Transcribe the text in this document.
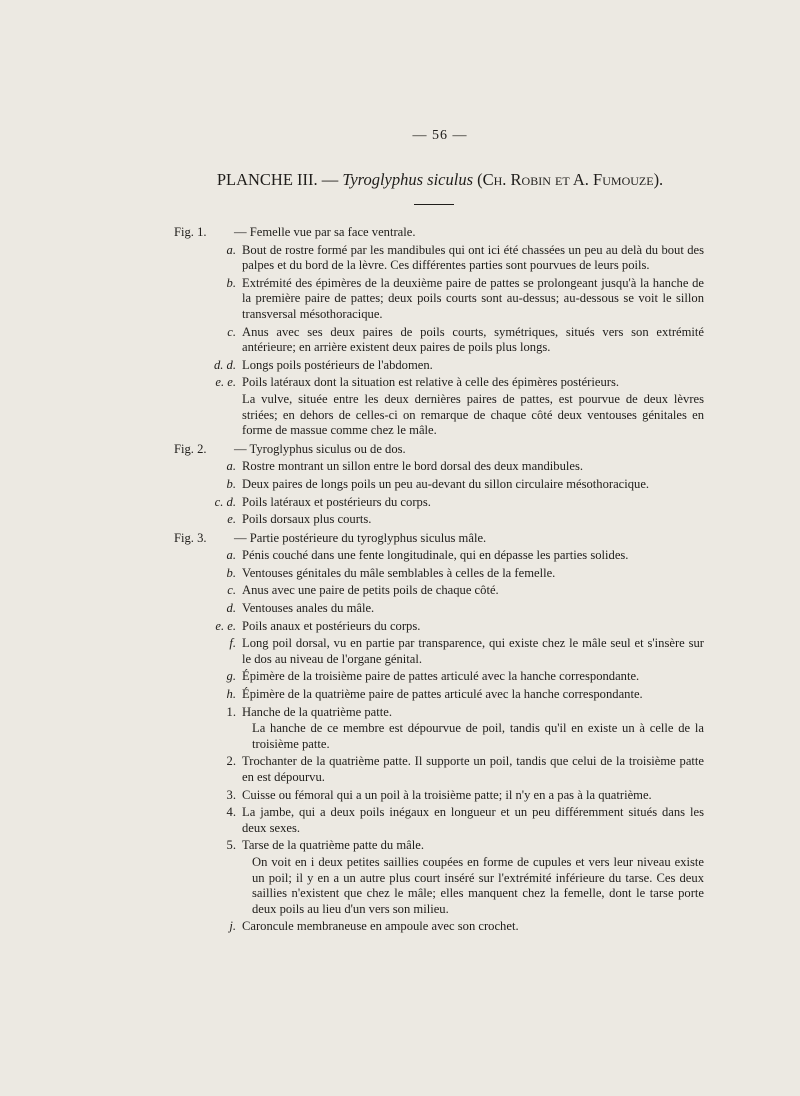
— 56 —
PLANCHE III. — Tyroglyphus siculus (Ch. Robin et A. Fumouze).
Fig. 1. — Femelle vue par sa face ventrale.
a. Bout de rostre formé par les mandibules qui ont ici été chassées un peu au delà du bout des palpes et du bord de la lèvre. Ces différentes parties sont pourvues de leurs poils.
b. Extrémité des épimères de la deuxième paire de pattes se prolongeant jusqu'à la hanche de la première paire de pattes; deux poils courts sont au-dessus; au-dessous se voit le sillon transversal mésothoracique.
c. Anus avec ses deux paires de poils courts, symétriques, situés vers son extrémité antérieure; en arrière existent deux paires de poils plus longs.
d. d. Longs poils postérieurs de l'abdomen.
e. e. Poils latéraux dont la situation est relative à celle des épimères postérieurs.
La vulve, située entre les deux dernières paires de pattes, est pourvue de deux lèvres striées; en dehors de celles-ci on remarque de chaque côté deux ventouses génitales en forme de massue comme chez le mâle.
Fig. 2. — Tyroglyphus siculus ou de dos.
a. Rostre montrant un sillon entre le bord dorsal des deux mandibules.
b. Deux paires de longs poils un peu au-devant du sillon circulaire mésothoracique.
c. d. Poils latéraux et postérieurs du corps.
e. Poils dorsaux plus courts.
Fig. 3. — Partie postérieure du tyroglyphus siculus mâle.
a. Pénis couché dans une fente longitudinale, qui en dépasse les parties solides.
b. Ventouses génitales du mâle semblables à celles de la femelle.
c. Anus avec une paire de petits poils de chaque côté.
d. Ventouses anales du mâle.
e. e. Poils anaux et postérieurs du corps.
f. Long poil dorsal, vu en partie par transparence, qui existe chez le mâle seul et s'insère sur le dos au niveau de l'organe génital.
g. Épimère de la troisième paire de pattes articulé avec la hanche correspondante.
h. Épimère de la quatrième paire de pattes articulé avec la hanche correspondante.
1. Hanche de la quatrième patte.
La hanche de ce membre est dépourvue de poil, tandis qu'il en existe un à celle de la troisième patte.
2. Trochanter de la quatrième patte. Il supporte un poil, tandis que celui de la troisième patte en est dépourvu.
3. Cuisse ou fémoral qui a un poil à la troisième patte; il n'y en a pas à la quatrième.
4. La jambe, qui a deux poils inégaux en longueur et un peu différemment situés dans les deux sexes.
5. Tarse de la quatrième patte du mâle.
On voit en i deux petites saillies coupées en forme de cupules et vers leur niveau existe un poil; il y en a un autre plus court inséré sur l'extrémité inférieure du tarse. Ces deux saillies n'existent que chez le mâle; elles manquent chez la femelle, dont le tarse porte deux poils au lieu d'un vers son milieu.
j. Caroncule membraneuse en ampoule avec son crochet.
